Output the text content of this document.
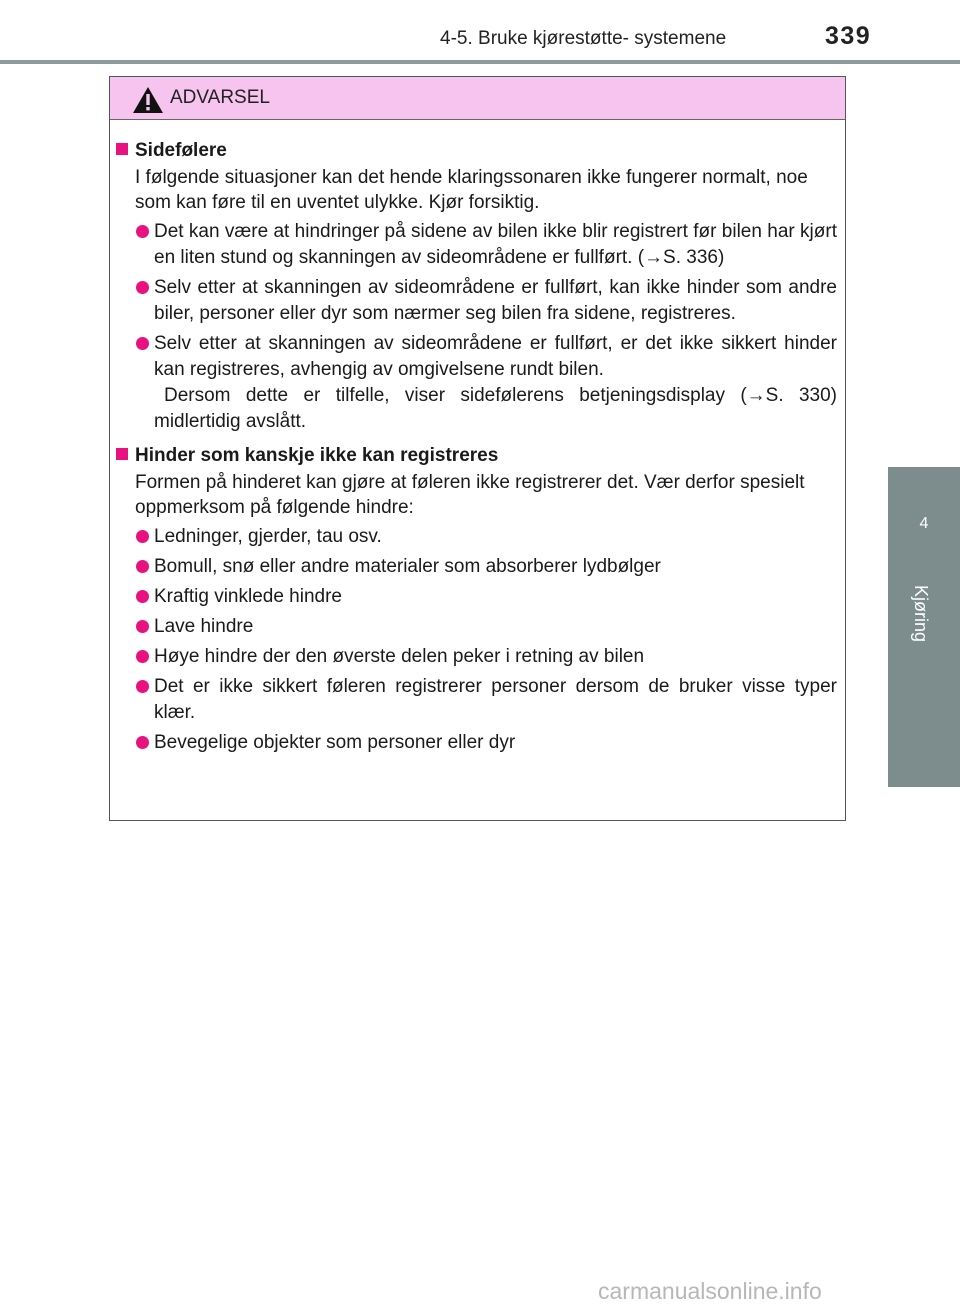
4-5. Bruke kjørestøtte- systemene	339
4
Kjøring
ADVARSEL
Sidefølere
I følgende situasjoner kan det hende klaringssonaren ikke fungerer normalt, noe som kan føre til en uventet ulykke. Kjør forsiktig.
Det kan være at hindringer på sidene av bilen ikke blir registrert før bilen har kjørt en liten stund og skanningen av sideområdene er fullført. (→S. 336)
Selv etter at skanningen av sideområdene er fullført, kan ikke hinder som andre biler, personer eller dyr som nærmer seg bilen fra sidene, registreres.
Selv etter at skanningen av sideområdene er fullført, er det ikke sikkert hinder kan registreres, avhengig av omgivelsene rundt bilen.
Dersom dette er tilfelle, viser sidefølerens betjeningsdisplay (→S. 330) midlertidig avslått.
Hinder som kanskje ikke kan registreres
Formen på hinderet kan gjøre at føleren ikke registrerer det. Vær derfor spesielt oppmerksom på følgende hindre:
Ledninger, gjerder, tau osv.
Bomull, snø eller andre materialer som absorberer lydbølger
Kraftig vinklede hindre
Lave hindre
Høye hindre der den øverste delen peker i retning av bilen
Det er ikke sikkert føleren registrerer personer dersom de bruker visse typer klær.
Bevegelige objekter som personer eller dyr
carmanualsonline.info
